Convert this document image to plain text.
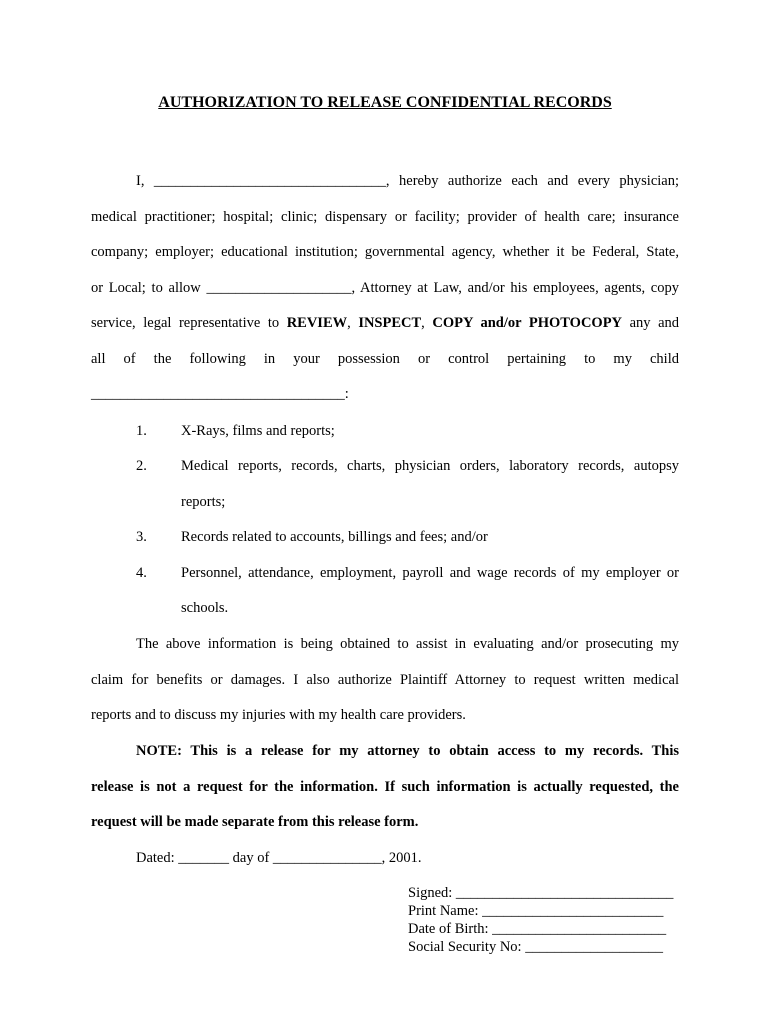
AUTHORIZATION TO RELEASE CONFIDENTIAL RECORDS
I, ________________________________, hereby authorize each and every physician;
medical practitioner; hospital; clinic; dispensary or facility; provider of health care; insurance
company; employer; educational institution; governmental agency, whether it be Federal, State,
or Local; to allow ____________________, Attorney at Law, and/or his employees, agents, copy
service, legal representative to REVIEW, INSPECT, COPY and/or PHOTOCOPY any and
all of the following in your possession or control pertaining to my child
___________________________________:
1. X-Rays, films and reports;
2. Medical reports, records, charts, physician orders, laboratory records, autopsy
reports;
3. Records related to accounts, billings and fees; and/or
4. Personnel, attendance, employment, payroll and wage records of my employer or
schools.
The above information is being obtained to assist in evaluating and/or prosecuting my
claim for benefits or damages. I also authorize Plaintiff Attorney to request written medical
reports and to discuss my injuries with my health care providers.
NOTE: This is a release for my attorney to obtain access to my records. This
release is not a request for the information. If such information is actually requested, the
request will be made separate from this release form.
Dated: _______ day of _______________, 2001.
Signed: ______________________________
Print Name: _________________________
Date of Birth: ________________________
Social Security No: ___________________
